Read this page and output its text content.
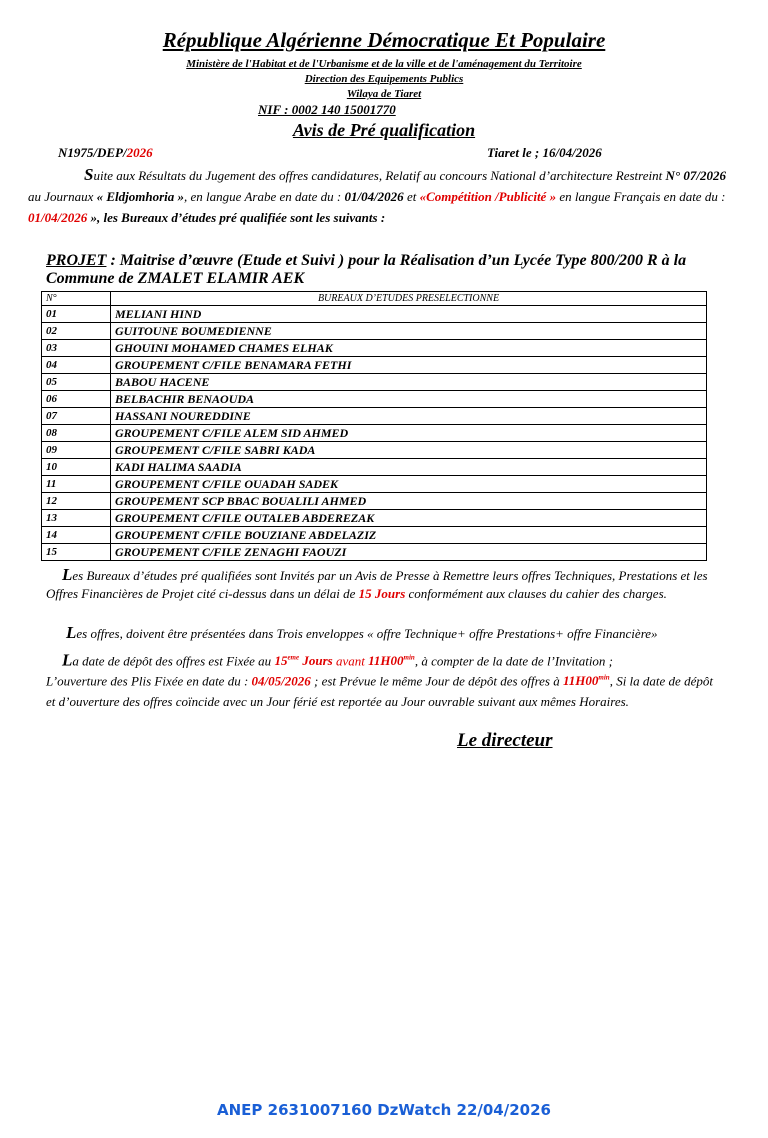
République Algérienne Démocratique Et Populaire
Ministère de l'Habitat et de l'Urbanisme et de la ville et de l'aménagement du Territoire
Direction des Equipements Publics
Wilaya de Tiaret
NIF : 0002 140 15001770
Avis de Pré qualification
N1975/DEP/2026	Tiaret le ; 16/04/2026
Suite aux Résultats du Jugement des offres candidatures, Relatif au concours National d’architecture Restreint N° 07/2026 au Journaux « Eldjomhoria », en langue Arabe en date du : 01/04/2026 et «Compétition /Publicité » en langue Français en date du : 01/04/2026 », les Bureaux d’études pré qualifiée sont les suivants :
PROJET : Maitrise d’œuvre (Etude et Suivi ) pour la Réalisation d’un Lycée Type 800/200 R à la Commune de ZMALET ELAMIR AEK
N°	BUREAUX D’ETUDES PRESELECTIONNE
01	MELIANI HIND
02	GUITOUNE BOUMEDIENNE
03	GHOUINI MOHAMED CHAMES ELHAK
04	GROUPEMENT C/FILE BENAMARA FETHI
05	BABOU HACENE
06	BELBACHIR BENAOUDA
07	HASSANI NOUREDDINE
08	GROUPEMENT C/FILE ALEM SID AHMED
09	GROUPEMENT C/FILE SABRI KADA
10	KADI HALIMA SAADIA
11	GROUPEMENT C/FILE OUADAH SADEK
12	GROUPEMENT SCP BBAC BOUALILI AHMED
13	GROUPEMENT C/FILE OUTALEB ABDEREZAK
14	GROUPEMENT C/FILE BOUZIANE ABDELAZIZ
15	GROUPEMENT C/FILE ZENAGHI FAOUZI
Les Bureaux d’études pré qualifiées sont Invités par un Avis de Presse à Remettre leurs offres Techniques, Prestations et les Offres Financières de Projet cité ci-dessus dans un délai de 15 Jours conformément aux clauses du cahier des charges.
Les offres, doivent être présentées dans Trois enveloppes « offre Technique+ offre Prestations+ offre Financière»
La date de dépôt des offres est Fixée au 15eme Jours avant $11H00^{min}$, à compter de la date de l’Invitation ;
L’ouverture des Plis Fixée en date du : 04/05/2026 ; est Prévue le même Jour de dépôt des offres à $11H00^{min}$, Si la date de dépôt et d’ouverture des offres coïncide avec un Jour férié est reportée au Jour ouvrable suivant aux mêmes Horaires.
Le directeur
ANEP 2631007160 DzWatch 22/04/2026
